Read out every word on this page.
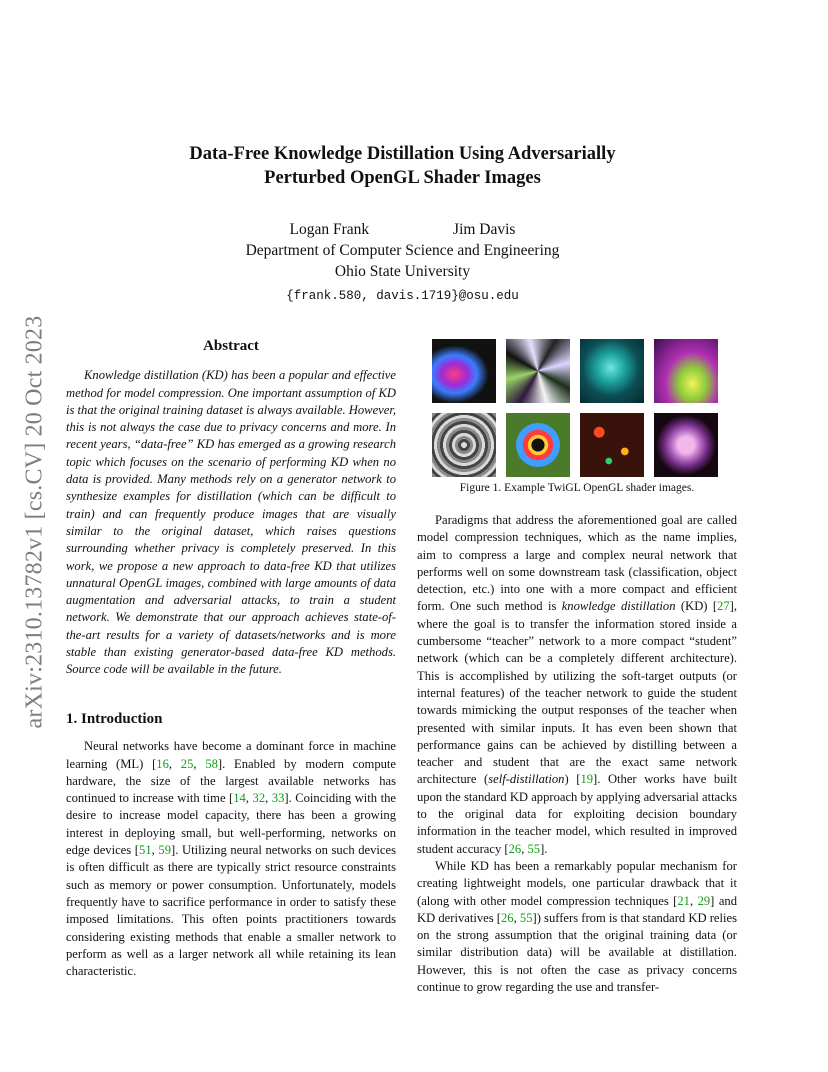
arXiv:2310.13782v1 [cs.CV] 20 Oct 2023
Data-Free Knowledge Distillation Using Adversarially Perturbed OpenGL Shader Images
Logan Frank	Jim Davis
Department of Computer Science and Engineering
Ohio State University
{frank.580, davis.1719}@osu.edu
Abstract

Knowledge distillation (KD) has been a popular and effective method for model compression. One important assumption of KD is that the original training dataset is always available. However, this is not always the case due to privacy concerns and more. In recent years, “data-free” KD has emerged as a growing research topic which focuses on the scenario of performing KD when no data is provided. Many methods rely on a generator network to synthesize examples for distillation (which can be difficult to train) and can frequently produce images that are visually similar to the original dataset, which raises questions surrounding whether privacy is completely preserved. In this work, we propose a new approach to data-free KD that utilizes unnatural OpenGL images, combined with large amounts of data augmentation and adversarial attacks, to train a student network. We demonstrate that our approach achieves state-of-the-art results for a variety of datasets/networks and is more stable than existing generator-based data-free KD methods. Source code will be available in the future.

1. Introduction

Neural networks have become a dominant force in machine learning (ML) [16, 25, 58]. Enabled by modern compute hardware, the size of the largest available networks has continued to increase with time [14, 32, 33]. Coinciding with the desire to increase model capacity, there has been a growing interest in deploying small, but well-performing, networks on edge devices [51, 59]. Utilizing neural networks on such devices is often difficult as there are typically strict resource constraints such as memory or power consumption. Unfortunately, models frequently have to sacrifice performance in order to satisfy these imposed limitations. This often points practitioners towards considering existing methods that enable a smaller network to perform as well as a larger network all while retaining its lean characteristic.

Figure 1. Example TwiGL OpenGL shader images.

Paradigms that address the aforementioned goal are called model compression techniques, which as the name implies, aim to compress a large and complex neural network that performs well on some downstream task (classification, object detection, etc.) into one with a more compact and efficient form. One such method is knowledge distillation (KD) [27], where the goal is to transfer the information stored inside a cumbersome “teacher” network to a more compact “student” network (which can be a completely different architecture). This is accomplished by utilizing the soft-target outputs (or internal features) of the teacher network to guide the student towards mimicking the output responses of the teacher when presented with similar inputs. It has even been shown that performance gains can be achieved by distilling between a teacher and student that are the exact same network architecture (self-distillation) [19]. Other works have built upon the standard KD approach by applying adversarial attacks to the original data for exploiting decision boundary information in the teacher model, which resulted in improved student accuracy [26, 55].

While KD has been a remarkably popular mechanism for creating lightweight models, one particular drawback that it (along with other model compression techniques [21, 29] and KD derivatives [26, 55]) suffers from is that standard KD relies on the strong assumption that the original training data (or similar distribution data) will be available at distillation. However, this is not often the case as privacy concerns continue to grow regarding the use and transfer-
